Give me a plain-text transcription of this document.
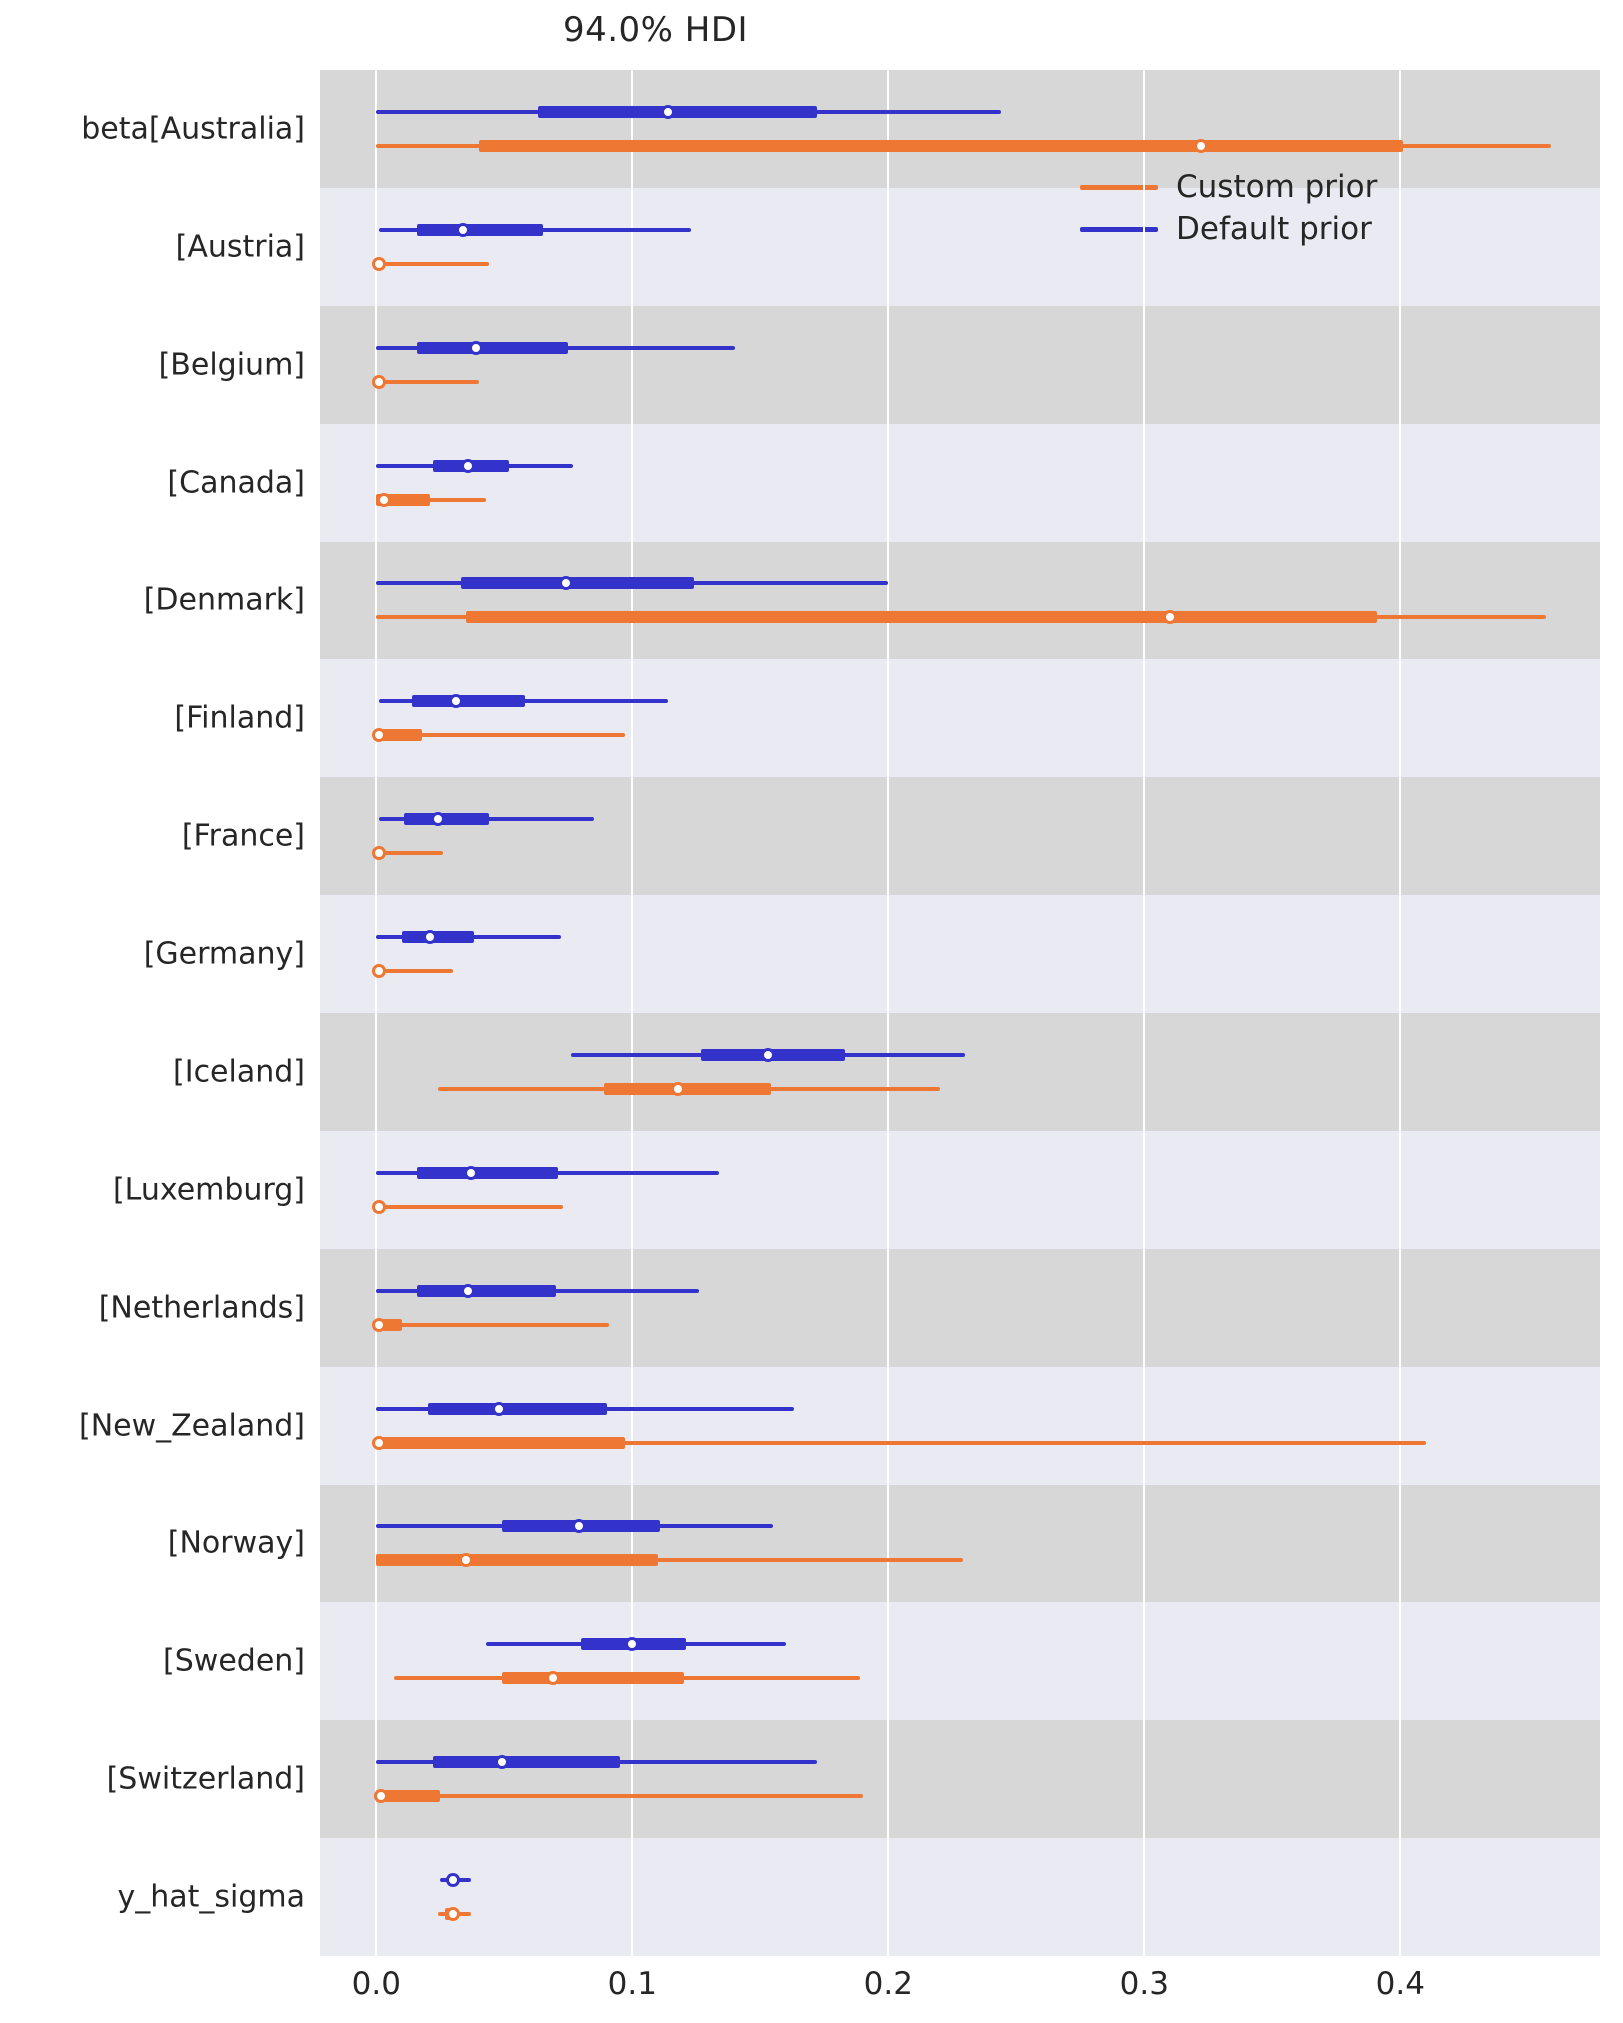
94.0% HDI
Custom prior
Default prior
beta[Australia]
[Austria]
[Belgium]
[Canada]
[Denmark]
[Finland]
[France]
[Germany]
[Iceland]
[Luxemburg]
[Netherlands]
[New_Zealand]
[Norway]
[Sweden]
[Switzerland]
y_hat_sigma
0.0	0.1	0.2	0.3	0.4
